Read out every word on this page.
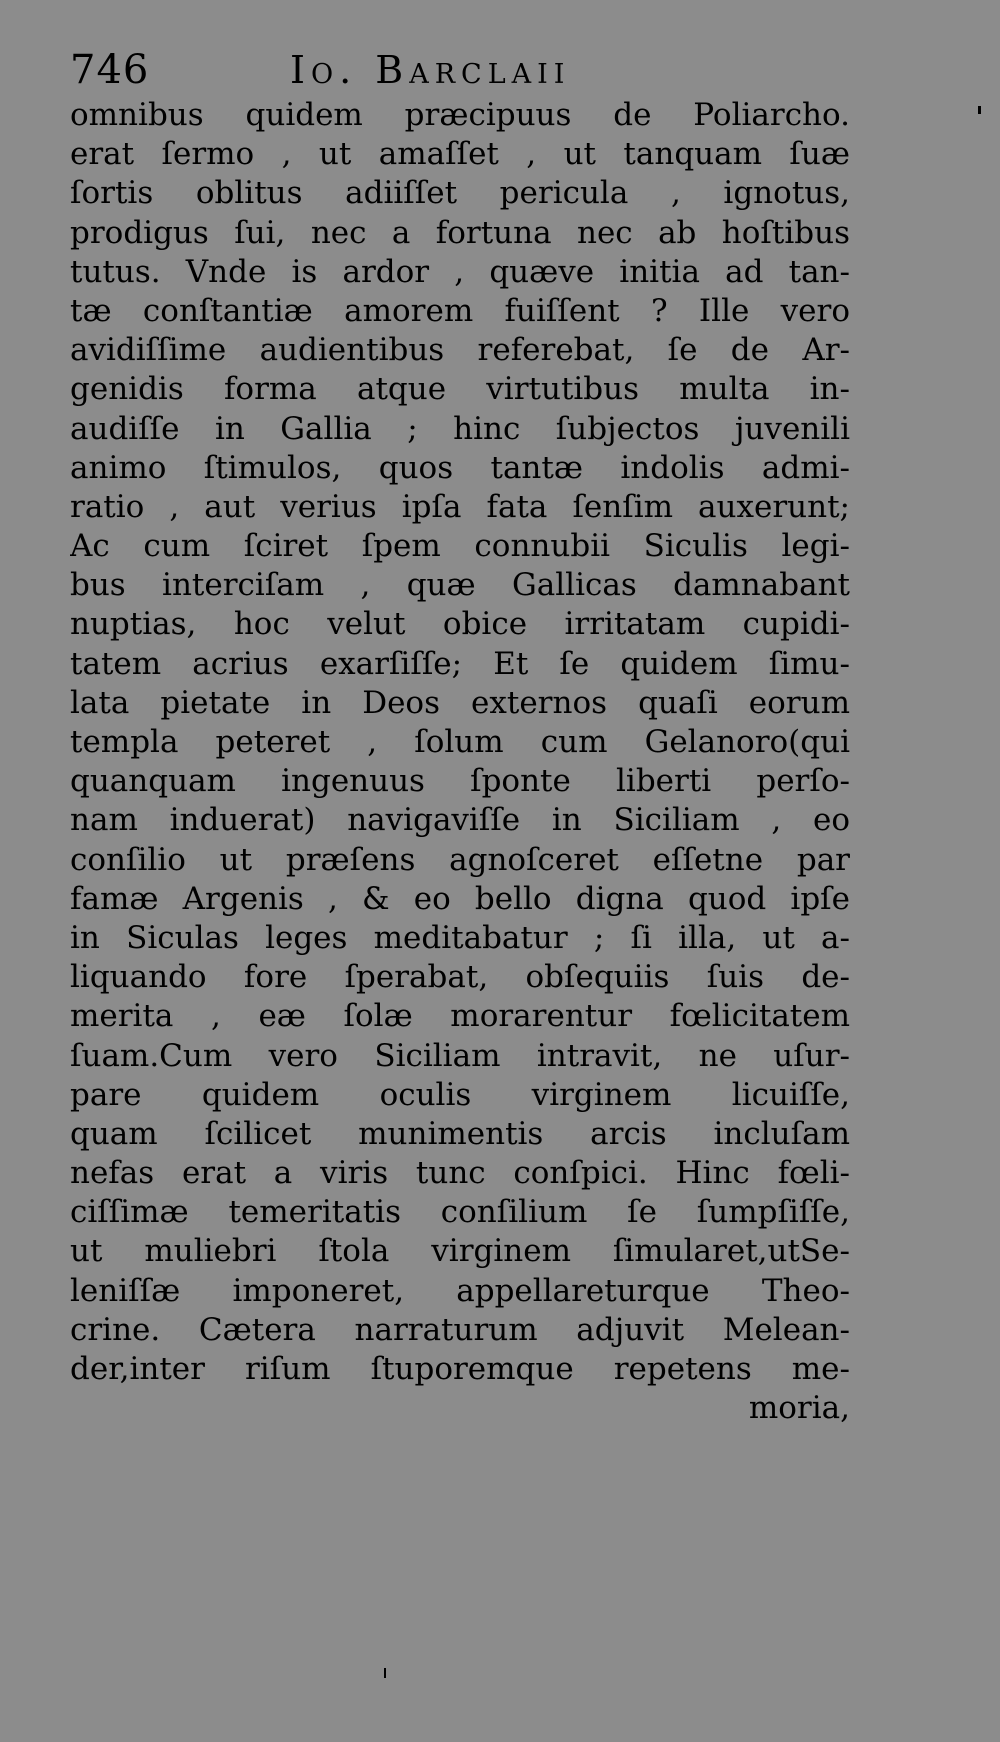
746	Io. Barclaii
omnibus quidem præcipuus de Poliarcho.
erat ſermo , ut amaſſet , ut tanquam ſuæ
ſortis oblitus adiiſſet pericula , ignotus,
prodigus ſui, nec a fortuna nec ab hoſtibus
tutus. Vnde is ardor , quæve initia ad tan-
tæ conſtantiæ amorem fuiſſent ? Ille vero
avidiſſime audientibus referebat, ſe de Ar-
genidis forma atque virtutibus multa in-
audiſſe in Gallia ; hinc ſubjectos juvenili
animo ſtimulos, quos tantæ indolis admi-
ratio , aut verius ipſa fata ſenſim auxerunt;
Ac cum ſciret ſpem connubii Siculis legi-
bus interciſam , quæ Gallicas damnabant
nuptias, hoc velut obice irritatam cupidi-
tatem acrius exarſiſſe; Et ſe quidem ſimu-
lata pietate in Deos externos quaſi eorum
templa peteret , ſolum cum Gelanoro(qui
quanquam ingenuus ſponte liberti perſo-
nam induerat) navigaviſſe in Siciliam , eo
conſilio ut præſens agnoſceret eſſetne par
famæ Argenis , & eo bello digna quod ipſe
in Siculas leges meditabatur ; ſi illa, ut a-
liquando fore ſperabat, obſequiis ſuis de-
merita , eæ ſolæ morarentur fœlicitatem
ſuam.Cum vero Siciliam intravit, ne uſur-
pare quidem oculis virginem licuiſſe,
quam ſcilicet munimentis arcis incluſam
nefas erat a viris tunc conſpici. Hinc fœli-
ciſſimæ temeritatis conſilium ſe ſumpſiſſe,
ut muliebri ſtola virginem ſimularet,utSe-
leniſſæ imponeret, appellareturque Theo-
crine. Cætera narraturum adjuvit Melean-
der,inter riſum ſtuporemque repetens me-
moria,
